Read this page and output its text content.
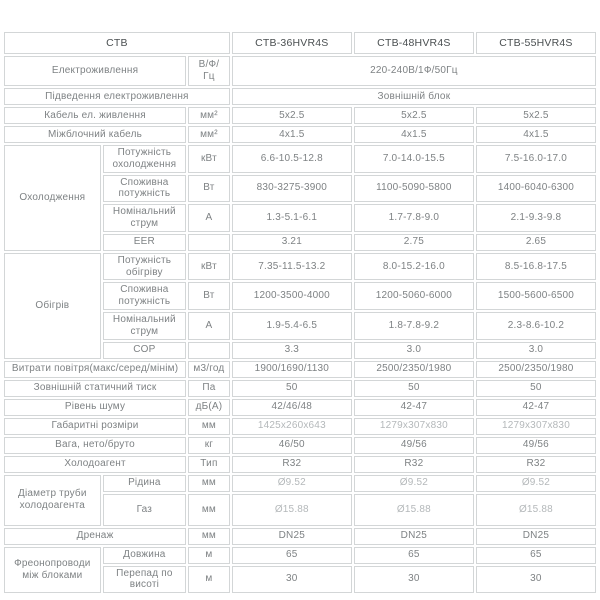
CTB			CTB-36HVR4S	CTB-48HVR4S	CTB-55HVR4S
Електроживлення		В/Ф/Гц	220-240В/1Ф/50Гц		
Підведення електроживлення			Зовнішній блок		
Кабель ел. живлення		мм²	5x2.5	5x2.5	5x2.5
Міжблочний кабель		мм²	4x1.5	4x1.5	4x1.5
Охолодження	Потужність охолодження	кВт	6.6-10.5-12.8	7.0-14.0-15.5	7.5-16.0-17.0
	Споживна потужність	Вт	830-3275-3900	1100-5090-5800	1400-6040-6300
	Номінальний струм	А	1.3-5.1-6.1	1.7-7.8-9.0	2.1-9.3-9.8
	EER		3.21	2.75	2.65
Обігрів	Потужність обігріву	кВт	7.35-11.5-13.2	8.0-15.2-16.0	8.5-16.8-17.5
	Споживна потужність	Вт	1200-3500-4000	1200-5060-6000	1500-5600-6500
	Номінальний струм	А	1.9-5.4-6.5	1.8-7.8-9.2	2.3-8.6-10.2
	COP		3.3	3.0	3.0
Витрати повітря(макс/серед/мінім)		м3/год	1900/1690/1130	2500/2350/1980	2500/2350/1980
Зовнішній статичний тиск		Па	50	50	50
Рівень шуму		дБ(А)	42/46/48	42-47	42-47
Габаритні розміри		мм	1425x260x643	1279x307x830	1279x307x830
Вага, нето/бруто		кг	46/50	49/56	49/56
Холодоагент		Тип	R32	R32	R32
Діаметр труби холодоагента	Рідина	мм	Ø9.52	Ø9.52	Ø9.52
	Газ	мм	Ø15.88	Ø15.88	Ø15.88
Дренаж		мм	DN25	DN25	DN25
Фреонопроводи між блоками	Довжина	м	65	65	65
	Перепад по висоті	м	30	30	30
